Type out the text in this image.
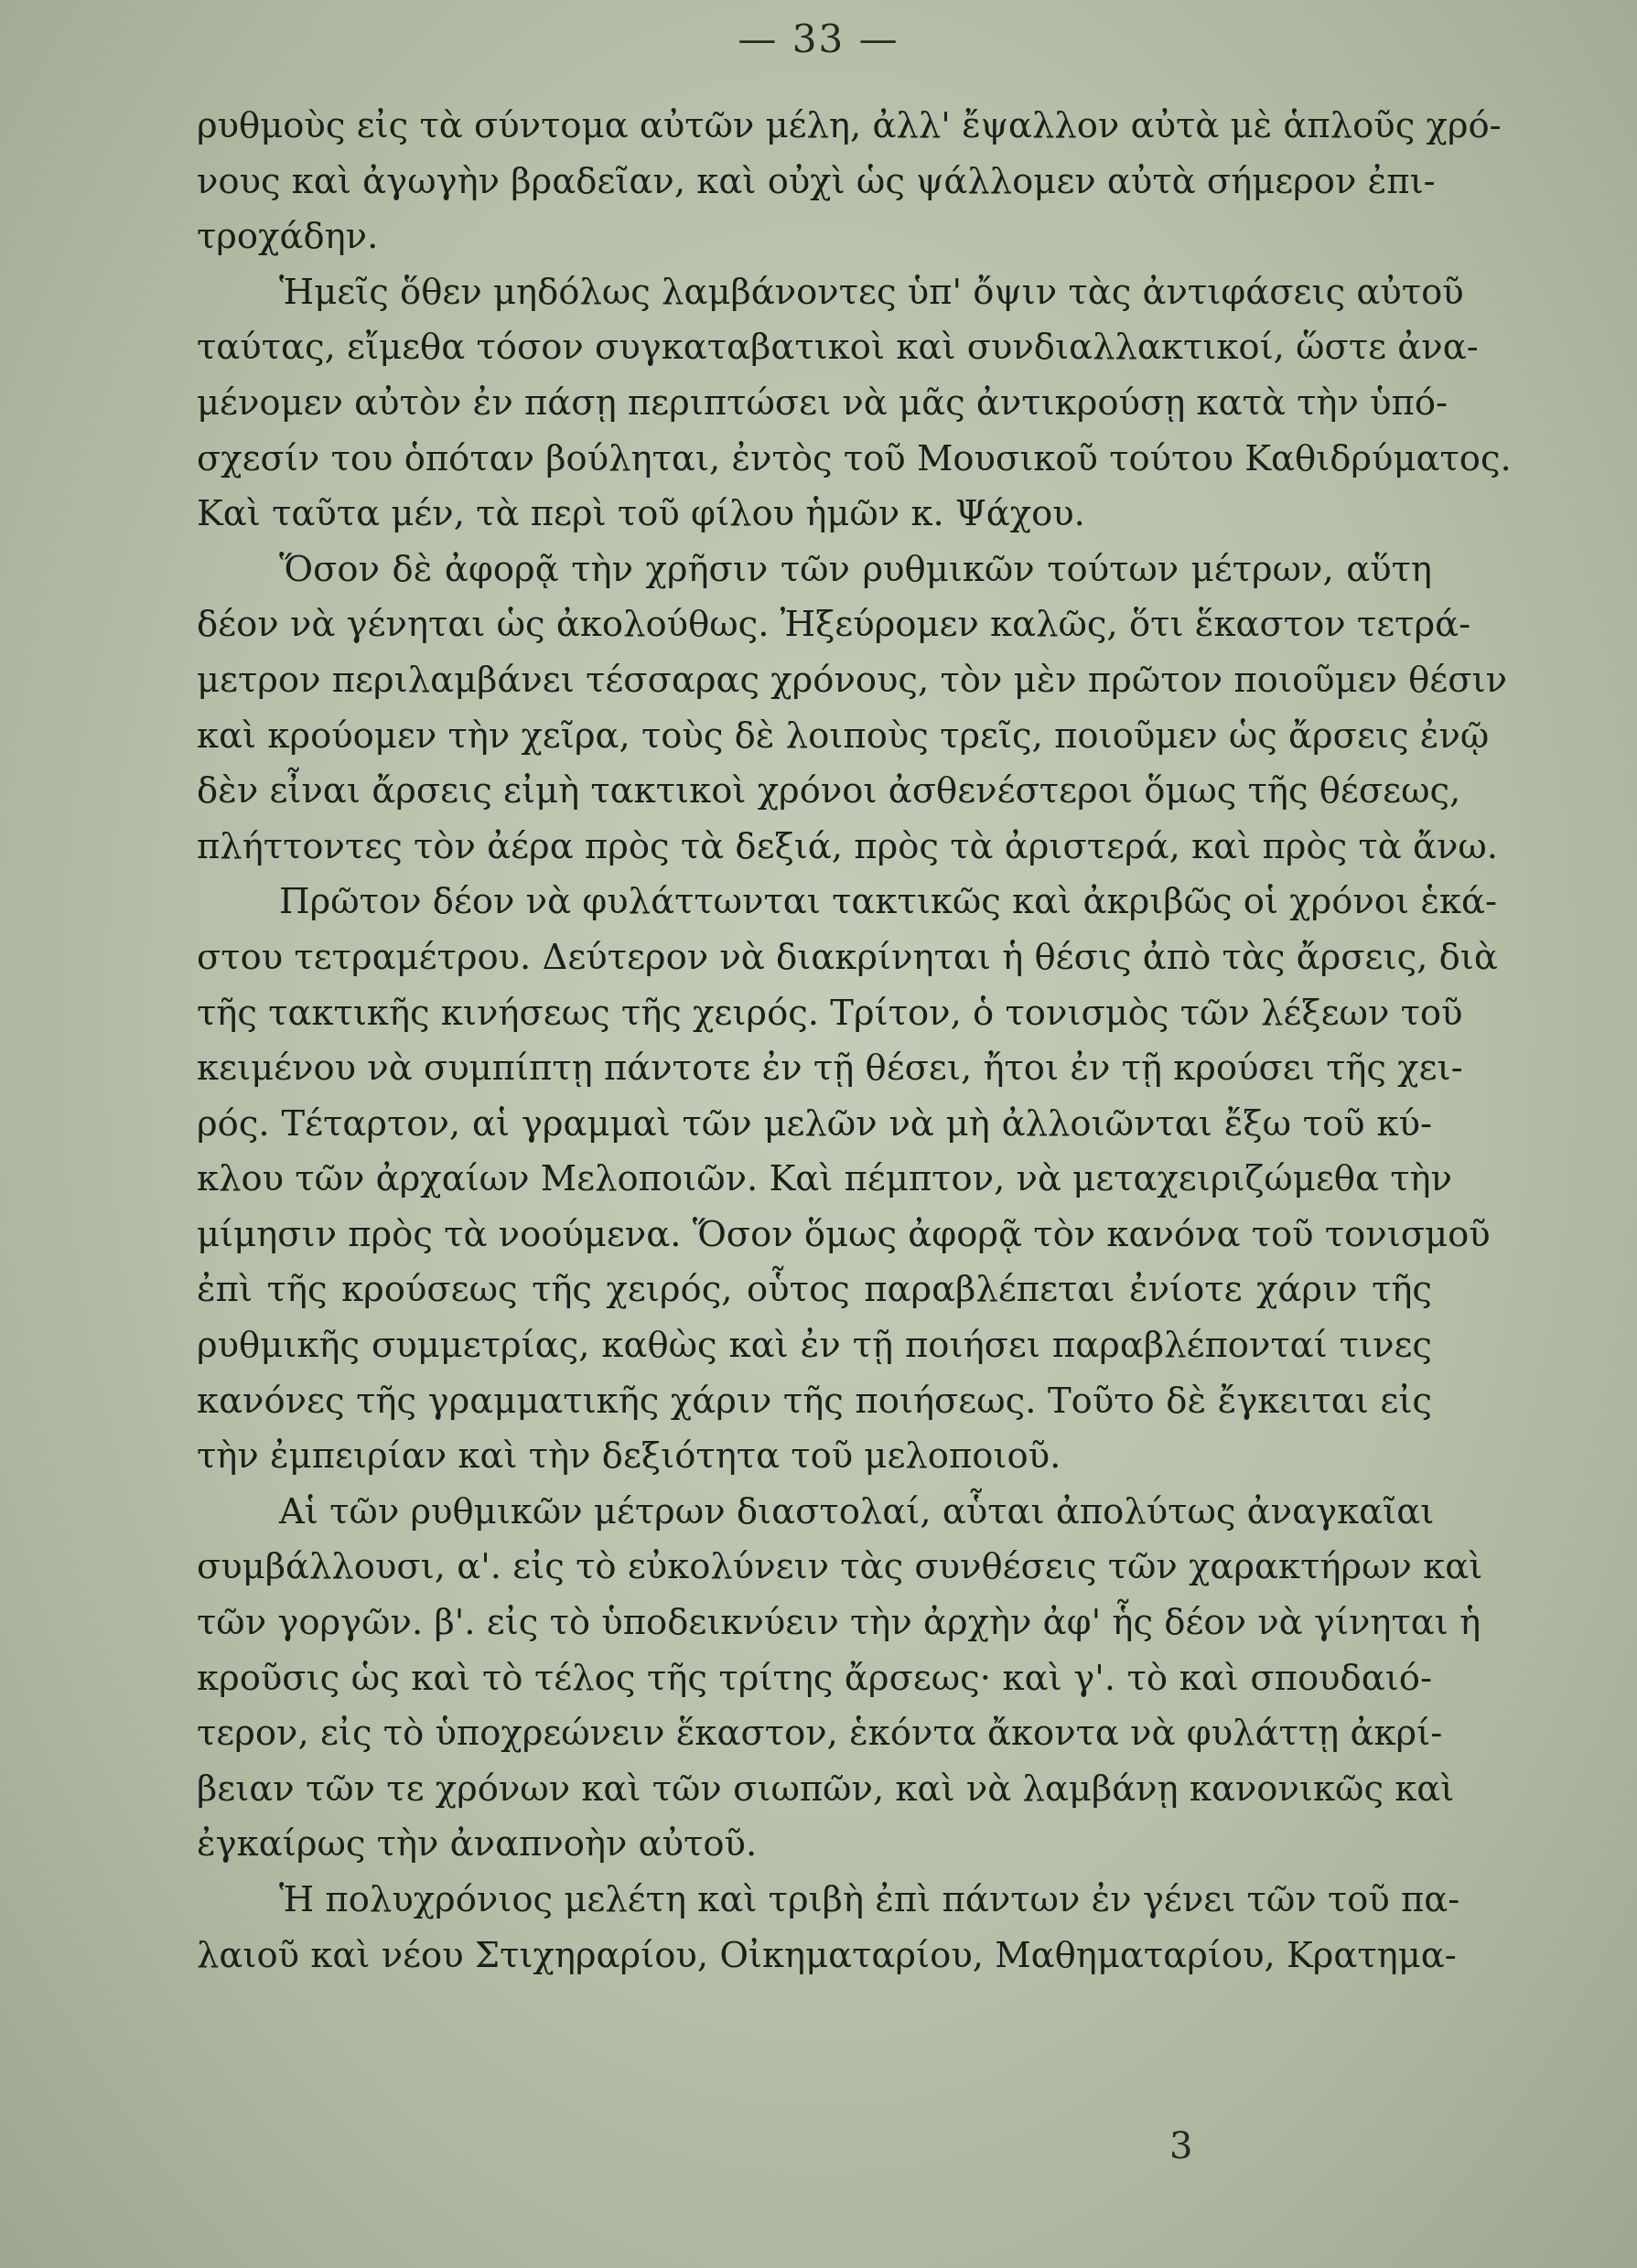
— 33 —
ρυθμοὺς εἰς τὰ σύντομα αὐτῶν μέλη, ἀλλ' ἔψαλλον αὐτὰ μὲ ἁπλοῦς χρό-
νους καὶ ἀγωγὴν βραδεῖαν, καὶ οὐχὶ ὡς ψάλλομεν αὐτὰ σήμερον ἐπι-
τροχάδην.
Ἡμεῖς ὅθεν μηδόλως λαμβάνοντες ὑπ' ὄψιν τὰς ἀντιφάσεις αὐτοῦ
ταύτας, εἴμεθα τόσον συγκαταβατικοὶ καὶ συνδιαλλακτικοί, ὥστε ἀνα-
μένομεν αὐτὸν ἐν πάσῃ περιπτώσει νὰ μᾶς ἀντικρούσῃ κατὰ τὴν ὑπό-
σχεσίν του ὁπόταν βούληται, ἐντὸς τοῦ Μουσικοῦ τούτου Καθιδρύματος.
Καὶ ταῦτα μέν, τὰ περὶ τοῦ φίλου ἡμῶν κ. Ψάχου.
Ὅσον δὲ ἀφορᾷ τὴν χρῆσιν τῶν ρυθμικῶν τούτων μέτρων, αὕτη
δέον νὰ γένηται ὡς ἀκολούθως. Ἠξεύρομεν καλῶς, ὅτι ἕκαστον τετρά-
μετρον περιλαμβάνει τέσσαρας χρόνους, τὸν μὲν πρῶτον ποιοῦμεν θέσιν
καὶ κρούομεν τὴν χεῖρα, τοὺς δὲ λοιποὺς τρεῖς, ποιοῦμεν ὡς ἄρσεις ἐνῷ
δὲν εἶναι ἄρσεις εἰμὴ τακτικοὶ χρόνοι ἀσθενέστεροι ὅμως τῆς θέσεως,
πλήττοντες τὸν ἀέρα πρὸς τὰ δεξιά, πρὸς τὰ ἀριστερά, καὶ πρὸς τὰ ἄνω.
Πρῶτον δέον νὰ φυλάττωνται τακτικῶς καὶ ἀκριβῶς οἱ χρόνοι ἑκά-
στου τετραμέτρου. Δεύτερον νὰ διακρίνηται ἡ θέσις ἀπὸ τὰς ἄρσεις, διὰ
τῆς τακτικῆς κινήσεως τῆς χειρός. Τρίτον, ὁ τονισμὸς τῶν λέξεων τοῦ
κειμένου νὰ συμπίπτῃ πάντοτε ἐν τῇ θέσει, ἤτοι ἐν τῇ κρούσει τῆς χει-
ρός. Τέταρτον, αἱ γραμμαὶ τῶν μελῶν νὰ μὴ ἀλλοιῶνται ἔξω τοῦ κύ-
κλου τῶν ἀρχαίων Μελοποιῶν. Καὶ πέμπτον, νὰ μεταχειριζώμεθα τὴν
μίμησιν πρὸς τὰ νοούμενα. Ὅσον ὅμως ἀφορᾷ τὸν κανόνα τοῦ τονισμοῦ
ἐπὶ τῆς κρούσεως τῆς χειρός, οὗτος παραβλέπεται ἐνίοτε χάριν τῆς
ρυθμικῆς συμμετρίας, καθὼς καὶ ἐν τῇ ποιήσει παραβλέπονταί τινες
κανόνες τῆς γραμματικῆς χάριν τῆς ποιήσεως. Τοῦτο δὲ ἔγκειται εἰς
τὴν ἐμπειρίαν καὶ τὴν δεξιότητα τοῦ μελοποιοῦ.
Αἱ τῶν ρυθμικῶν μέτρων διαστολαί, αὗται ἀπολύτως ἀναγκαῖαι
συμβάλλουσι, α'. εἰς τὸ εὐκολύνειν τὰς συνθέσεις τῶν χαρακτήρων καὶ
τῶν γοργῶν. β'. εἰς τὸ ὑποδεικνύειν τὴν ἀρχὴν ἀφ' ἧς δέον νὰ γίνηται ἡ
κροῦσις ὡς καὶ τὸ τέλος τῆς τρίτης ἄρσεως· καὶ γ'. τὸ καὶ σπουδαιό-
τερον, εἰς τὸ ὑποχρεώνειν ἕκαστον, ἑκόντα ἄκοντα νὰ φυλάττῃ ἀκρί-
βειαν τῶν τε χρόνων καὶ τῶν σιωπῶν, καὶ νὰ λαμβάνῃ κανονικῶς καὶ
ἐγκαίρως τὴν ἀναπνοὴν αὐτοῦ.
Ἡ πολυχρόνιος μελέτη καὶ τριβὴ ἐπὶ πάντων ἐν γένει τῶν τοῦ πα-
λαιοῦ καὶ νέου Στιχηραρίου, Οἰκηματαρίου, Μαθηματαρίου, Κρατημα-
3
